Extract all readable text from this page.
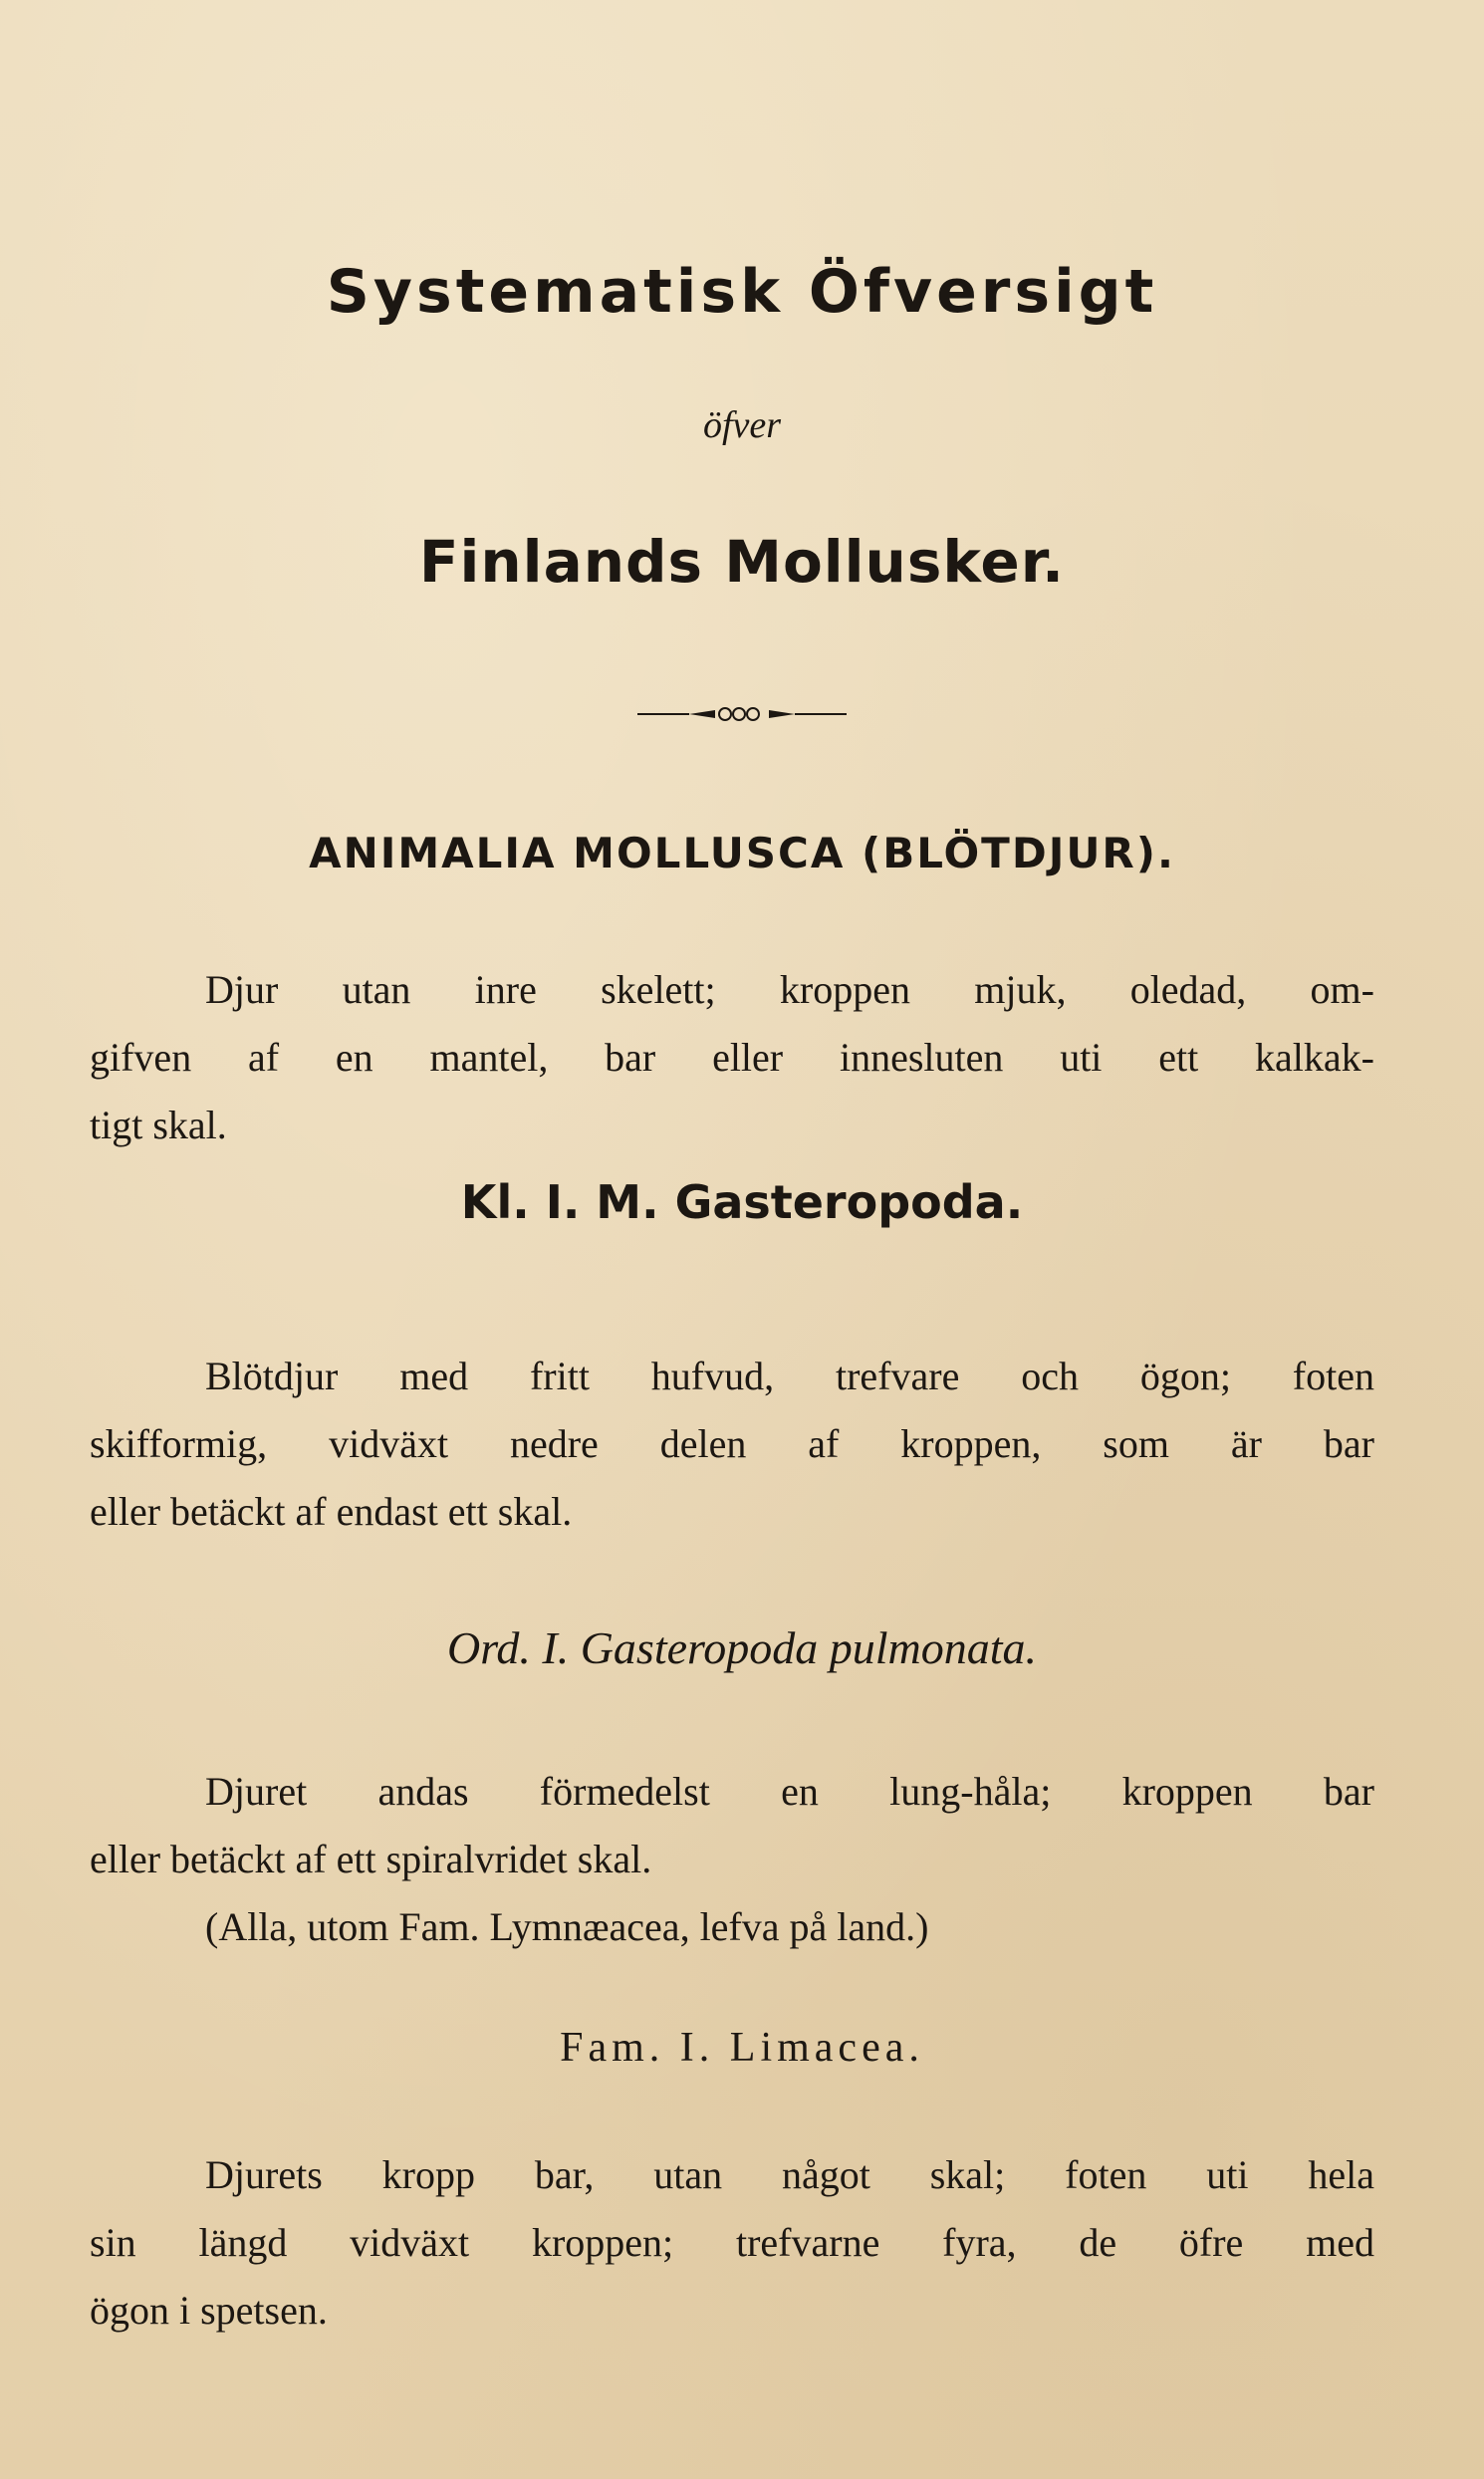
Systematisk Öfversigt
öfver
Finlands Mollusker.
ANIMALIA MOLLUSCA (BLÖTDJUR).
Djur utan inre skelett; kroppen mjuk, oledad, om-
gifven af en mantel, bar eller innesluten uti ett kalkak-
tigt skal.
Kl. I. M. Gasteropoda.
Blötdjur med fritt hufvud, trefvare och ögon; foten
skifformig, vidväxt nedre delen af kroppen, som är bar
eller betäckt af endast ett skal.
Ord. I. Gasteropoda pulmonata.
Djuret andas förmedelst en lung-håla; kroppen bar
eller betäckt af ett spiralvridet skal.
(Alla, utom Fam. Lymnæacea, lefva på land.)
Fam. I. Limacea.
Djurets kropp bar, utan något skal; foten uti hela
sin längd vidväxt kroppen; trefvarne fyra, de öfre med
ögon i spetsen.
